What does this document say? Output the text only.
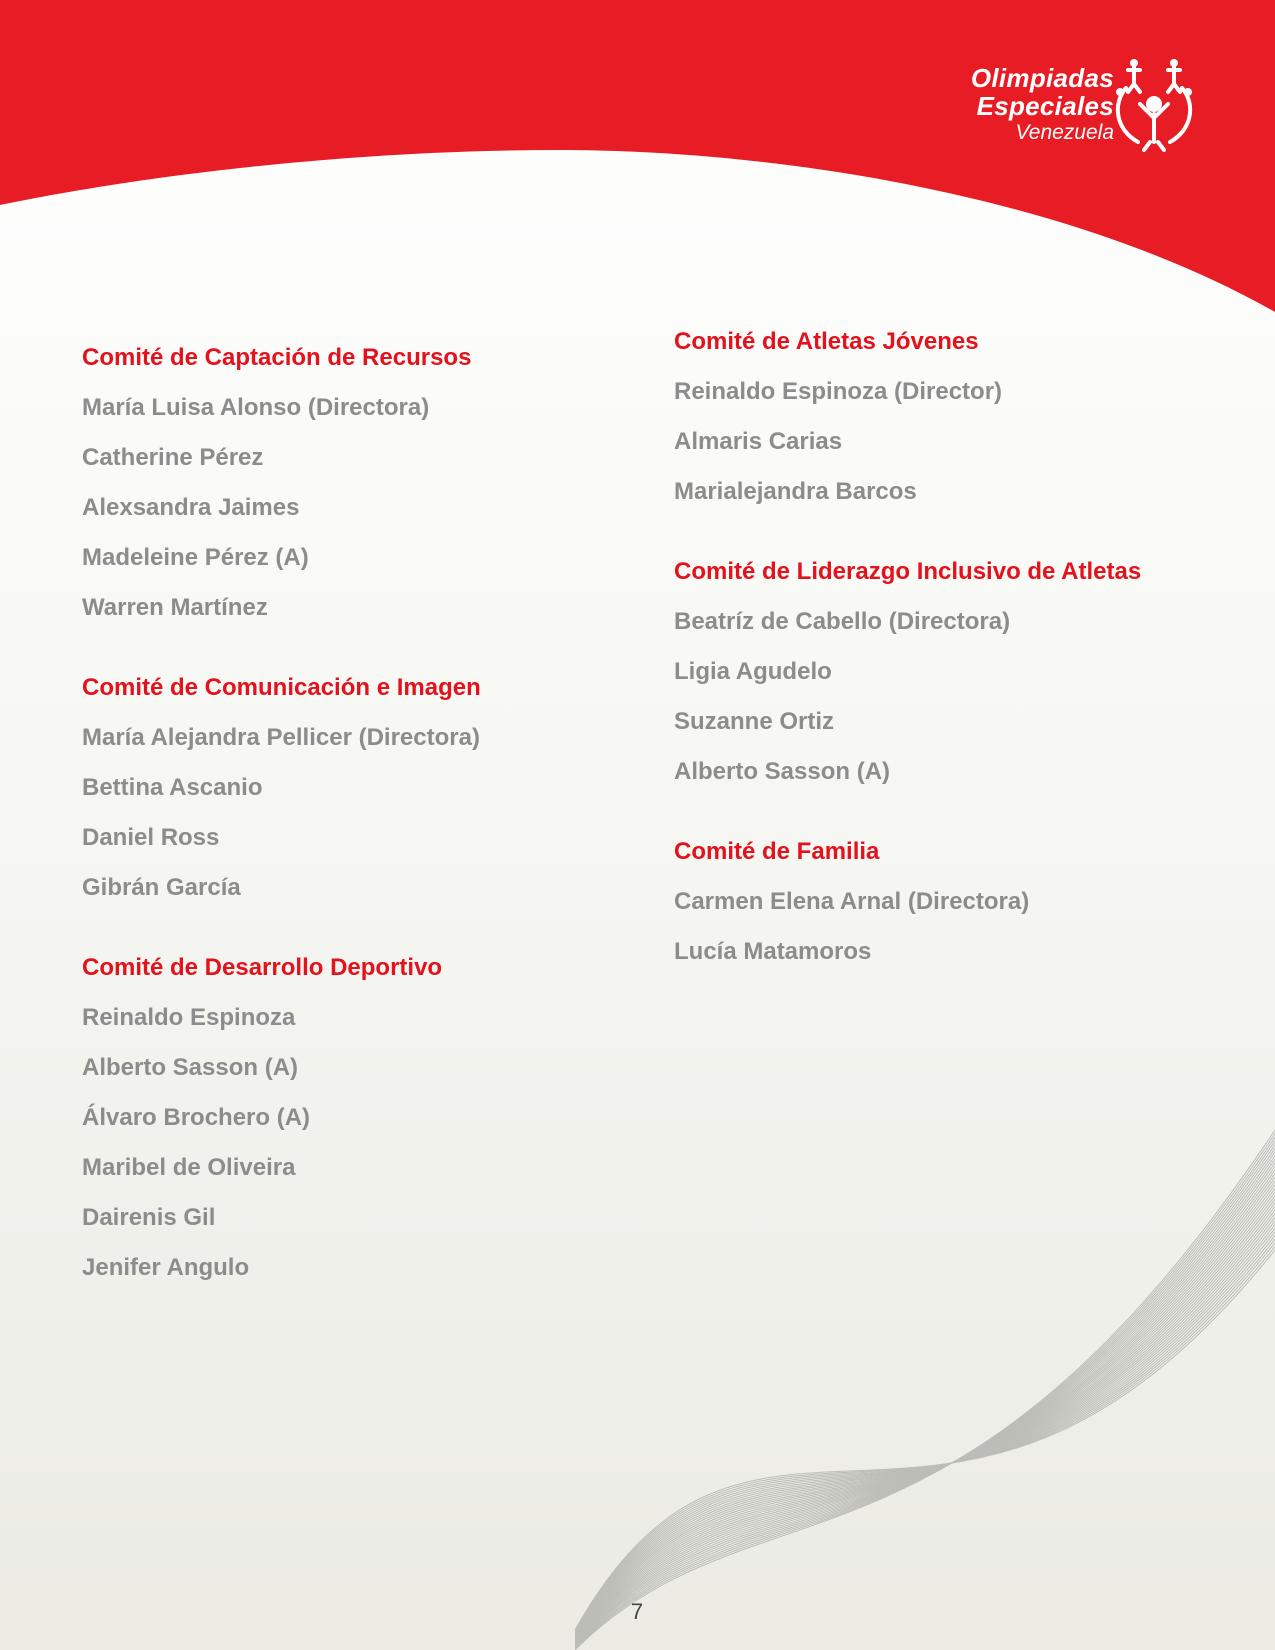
Olimpiadas
Especiales
Venezuela
Comité de Captación de Recursos
María Luisa Alonso (Directora)
Catherine Pérez
Alexsandra Jaimes
Madeleine Pérez (A)
Warren Martínez
Comité de Comunicación e Imagen
María Alejandra Pellicer (Directora)
Bettina Ascanio
Daniel Ross
Gibrán García
Comité de Desarrollo Deportivo
Reinaldo Espinoza
Alberto Sasson (A)
Álvaro Brochero (A)
Maribel de Oliveira
Dairenis Gil
Jenifer Angulo
Comité de Atletas Jóvenes
Reinaldo Espinoza (Director)
Almaris Carias
Marialejandra Barcos
Comité de Liderazgo Inclusivo de Atletas
Beatríz de Cabello (Directora)
Ligia Agudelo
Suzanne Ortiz
Alberto Sasson (A)
Comité de Familia
Carmen Elena Arnal (Directora)
Lucía Matamoros
7
